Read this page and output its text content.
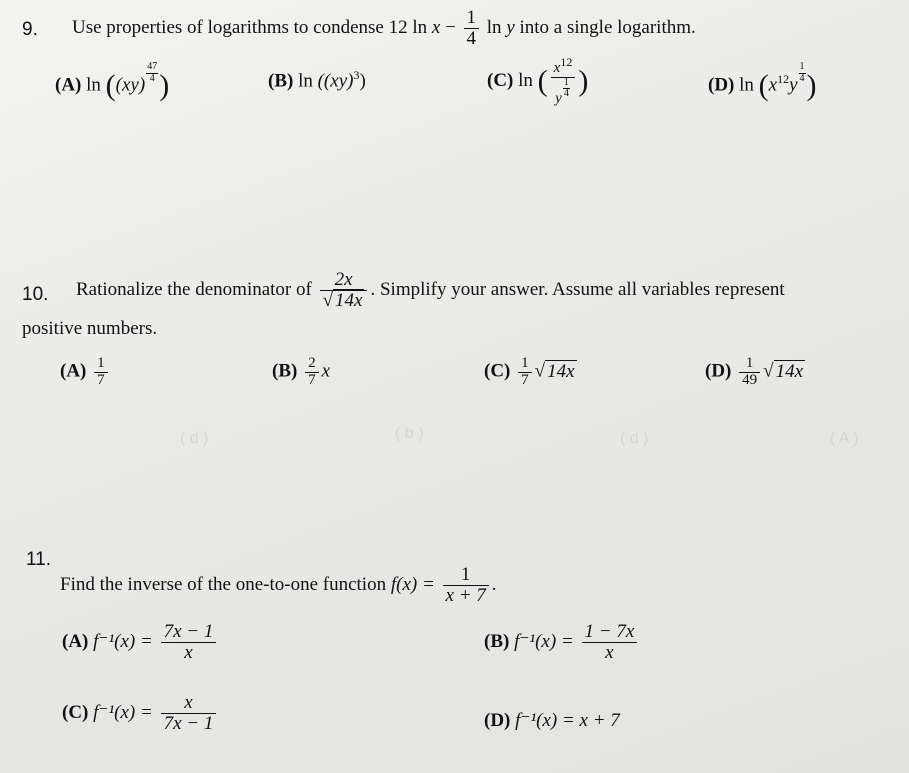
( d )	( b )	( d )	( A )
9. Use properties of logarithms to condense 12 $\ln x - \frac{1}{4}$ ln y into a single logarithm.
(A) ln ((xy)
$\frac{47}{4}$ )	(B) ln ((xy)$^3$)	(C) ln ( $\frac{x^{12}}{y \frac{1}{4}}$ )	(D) $\ln (x^{12}y$
$\frac{1}{4}$ )
10. Rationalize the denominator of $\frac{2x}{√ 14x}$ . Simplify your answer. Assume all variables represent
positive numbers.
$(A) \frac{1}{7}$	$(B) \frac{2}{7}$ x	$(C) \frac{1}{7}$ √ 14x	$(D) \frac{1}{49}$ √ 14x
11.
Find the inverse of the one-to-one function $f(x) = \frac{1}{x + 7}$ .
(A) $f^{-1}(x) = \frac{7x - 1}{x}$	(B) $f^{-1}(x) = \frac{1 - 7x}{x}$
(C) $f^{-1}(x) = \frac{x}{7x - 1}$	(D) f⁻¹(x) = x + 7
